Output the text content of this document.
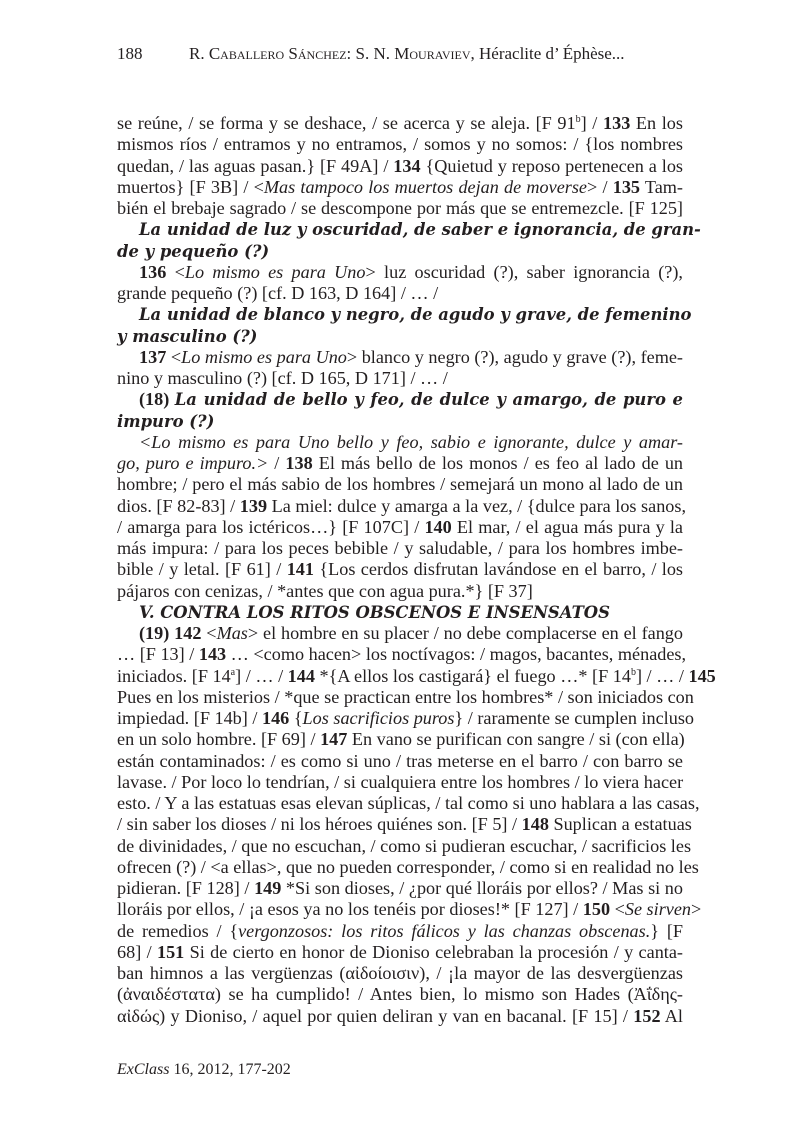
188	R. Caballero Sánchez: S. N. Mouraviev, Héraclite d’ Éphèse...
se reúne, / se forma y se deshace, / se acerca y se aleja. [F 91$^b$] / 133 En los
mismos ríos / entramos y no entramos, / somos y no somos: / {los nombres
quedan, / las aguas pasan.} [F 49A] / 134 {Quietud y reposo pertenecen a los
muertos} [F 3B] / <Mas tampoco los muertos dejan de moverse> / 135 Tam-
bién el brebaje sagrado / se descompone por más que se entremezcle. [F 125]
La unidad de luz y oscuridad, de saber e ignorancia, de gran-
de y pequeño (?)
136 <Lo mismo es para Uno> luz oscuridad (?), saber ignorancia (?),
grande pequeño (?) [cf. D 163, D 164] / … /
La unidad de blanco y negro, de agudo y grave, de femenino
y masculino (?)
137 <Lo mismo es para Uno> blanco y negro (?), agudo y grave (?), feme-
nino y masculino (?) [cf. D 165, D 171] / … /
(18) La unidad de bello y feo, de dulce y amargo, de puro e
impuro (?)
<Lo mismo es para Uno bello y feo, sabio e ignorante, dulce y amar-
go, puro e impuro.> / 138 El más bello de los monos / es feo al lado de un
hombre; / pero el más sabio de los hombres / semejará un mono al lado de un
dios. [F 82-83] / 139 La miel: dulce y amarga a la vez, / {dulce para los sanos,
/ amarga para los ictéricos…} [F 107C] / 140 El mar, / el agua más pura y la
más impura: / para los peces bebible / y saludable, / para los hombres imbe-
bible / y letal. [F 61] / 141 {Los cerdos disfrutan lavándose en el barro, / los
pájaros con cenizas, / *antes que con agua pura.*} [F 37]
V. CONTRA LOS RITOS OBSCENOS E INSENSATOS
(19) 142 <Mas> el hombre en su placer / no debe complacerse en el fango
… [F 13] / 143 … <como hacen> los noctívagos: / magos, bacantes, ménades,
iniciados. [F 14$^a$] / … / 144 *{A ellos los castigará} el fuego …* [F 14$^b$] / … / 145
Pues en los misterios / *que se practican entre los hombres* / son iniciados con
impiedad. [F 14b] / 146 {Los sacrificios puros} / raramente se cumplen incluso
en un solo hombre. [F 69] / 147 En vano se purifican con sangre / si (con ella)
están contaminados: / es como si uno / tras meterse en el barro / con barro se
lavase. / Por loco lo tendrían, / si cualquiera entre los hombres / lo viera hacer
esto. / Y a las estatuas esas elevan súplicas, / tal como si uno hablara a las casas,
/ sin saber los dioses / ni los héroes quiénes son. [F 5] / 148 Suplican a estatuas
de divinidades, / que no escuchan, / como si pudieran escuchar, / sacrificios les
ofrecen (?) / <a ellas>, que no pueden corresponder, / como si en realidad no les
pidieran. [F 128] / 149 *Si son dioses, / ¿por qué lloráis por ellos? / Mas si no
lloráis por ellos, / ¡a esos ya no los tenéis por dioses!* [F 127] / 150 <Se sirven>
de remedios / {vergonzosos: los ritos fálicos y las chanzas obscenas.} [F
68] / 151 Si de cierto en honor de Dioniso celebraban la procesión / y canta-
ban himnos a las vergüenzas (αἰδοίοισιν), / ¡la mayor de las desvergüenzas
(ἀναιδέστατα) se ha cumplido! / Antes bien, lo mismo son Hades (Ἀΐδης-
αἰδώς) y Dioniso, / aquel por quien deliran y van en bacanal. [F 15] / 152 Al
ExClass 16, 2012, 177-202
